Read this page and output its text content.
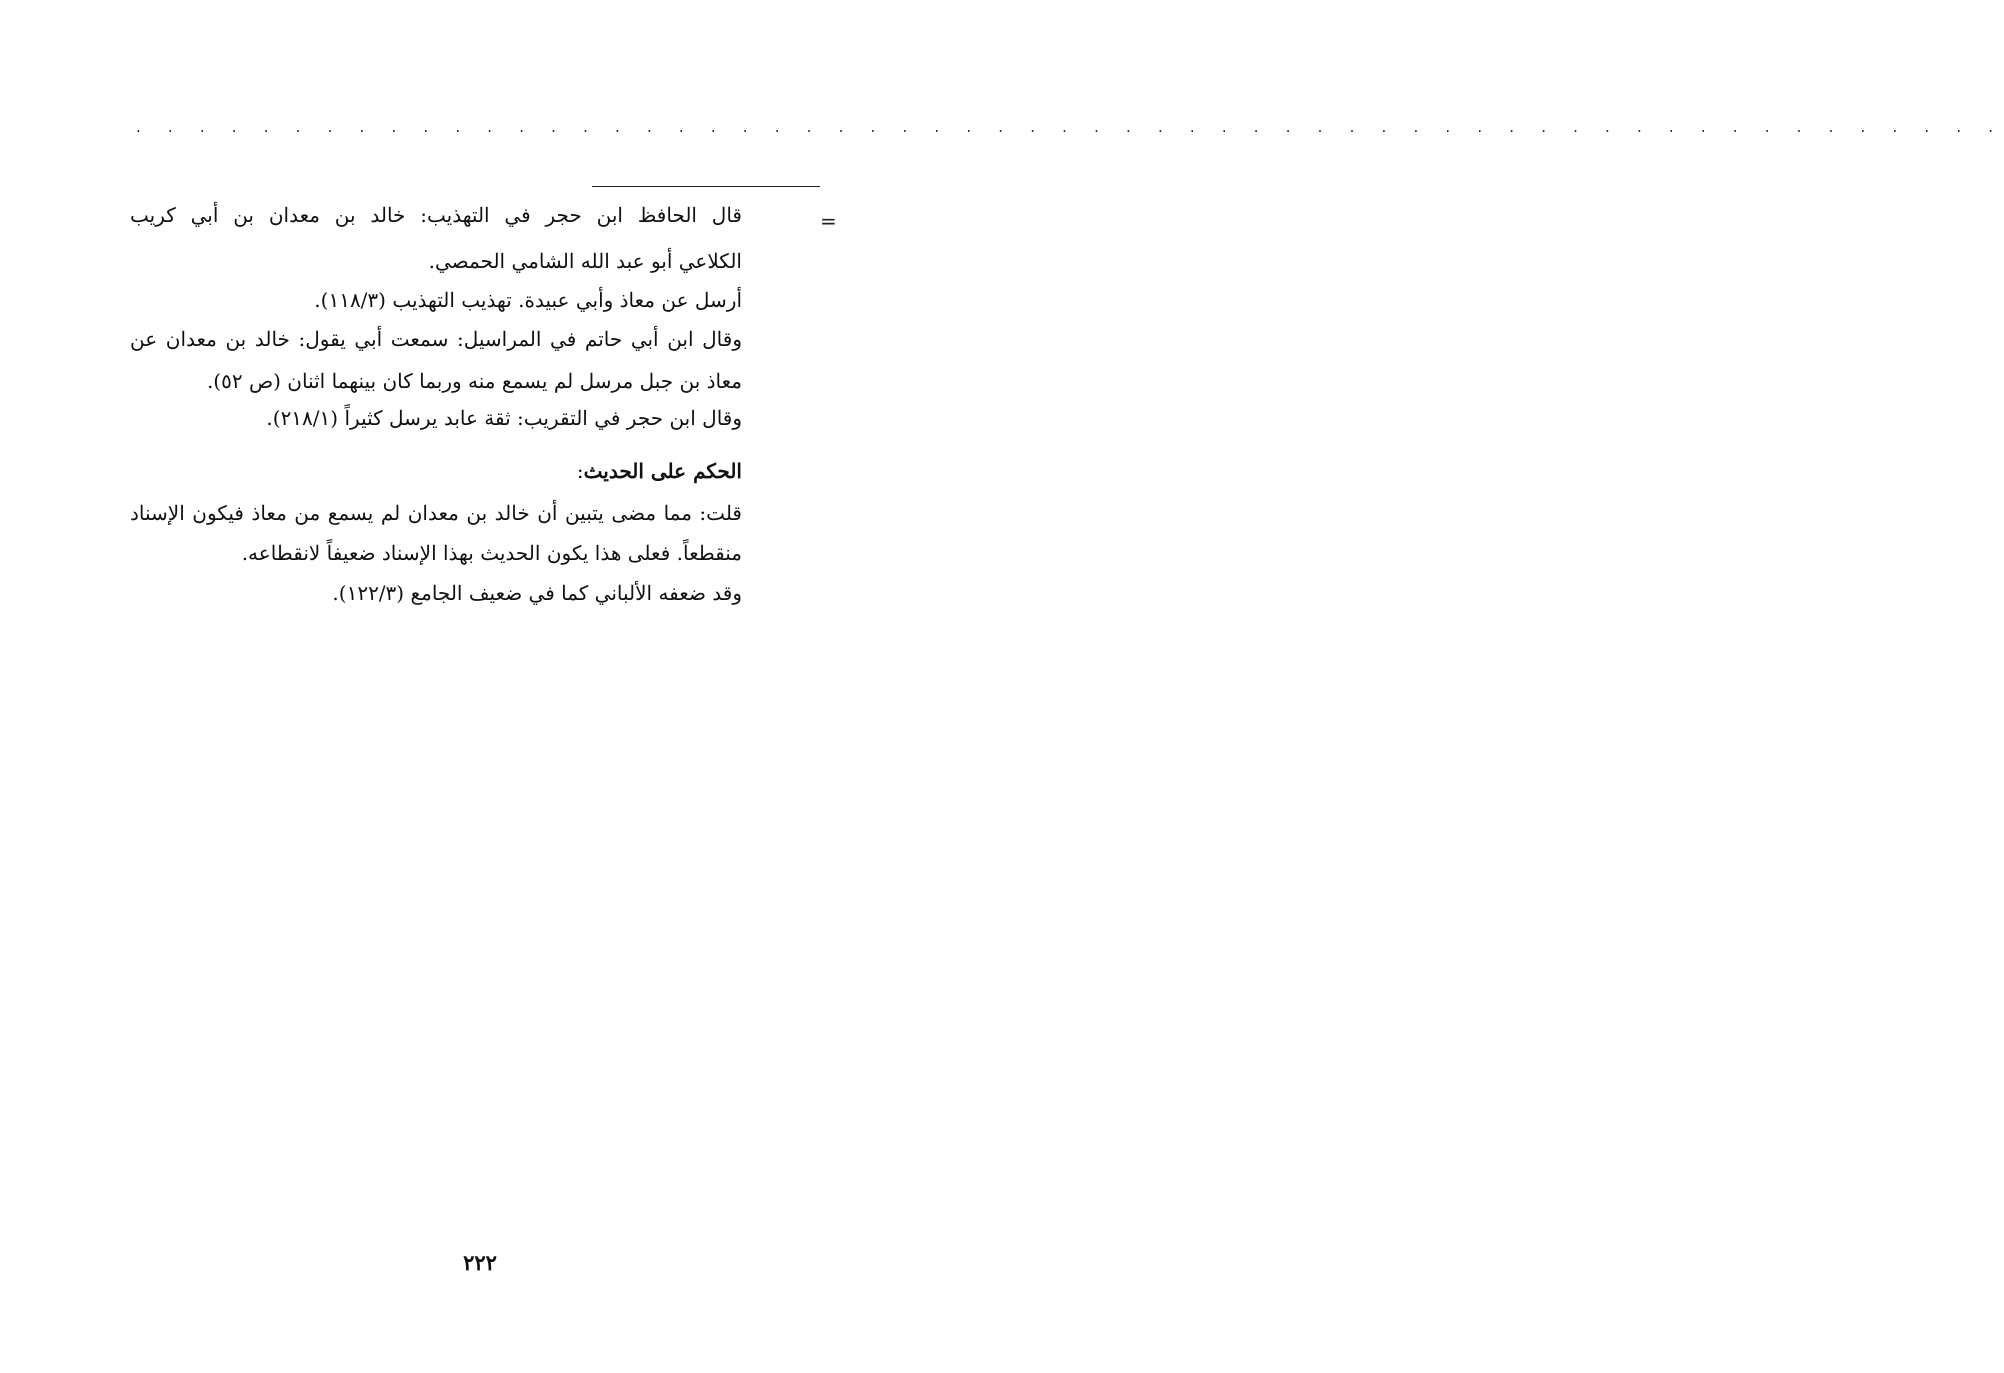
. . . . . . . . . . . . . . . . . . . . . . . . . . . . . . . . . . . . . . . . . . . . . . . . . . . . . . . . . . .
=
قال الحافظ ابن حجر في التهذيب: خالد بن معدان بن أبي كريب
الكلاعي أبو عبد الله الشامي الحمصي.
أرسل عن معاذ وأبي عبيدة. تهذيب التهذيب (١١٨/٣).
وقال ابن أبي حاتم في المراسيل: سمعت أبي يقول: خالد بن معدان عن
معاذ بن جبل مرسل لم يسمع منه وربما كان بينهما اثنان (ص ٥٢).
وقال ابن حجر في التقريب: ثقة عابد يرسل كثيراً (٢١٨/١).
الحكم على الحديث:
قلت: مما مضى يتبين أن خالد بن معدان لم يسمع من معاذ فيكون الإسناد
منقطعاً. فعلى هذا يكون الحديث بهذا الإسناد ضعيفاً لانقطاعه.
وقد ضعفه الألباني كما في ضعيف الجامع (١٢٢/٣).
٢٢٢
